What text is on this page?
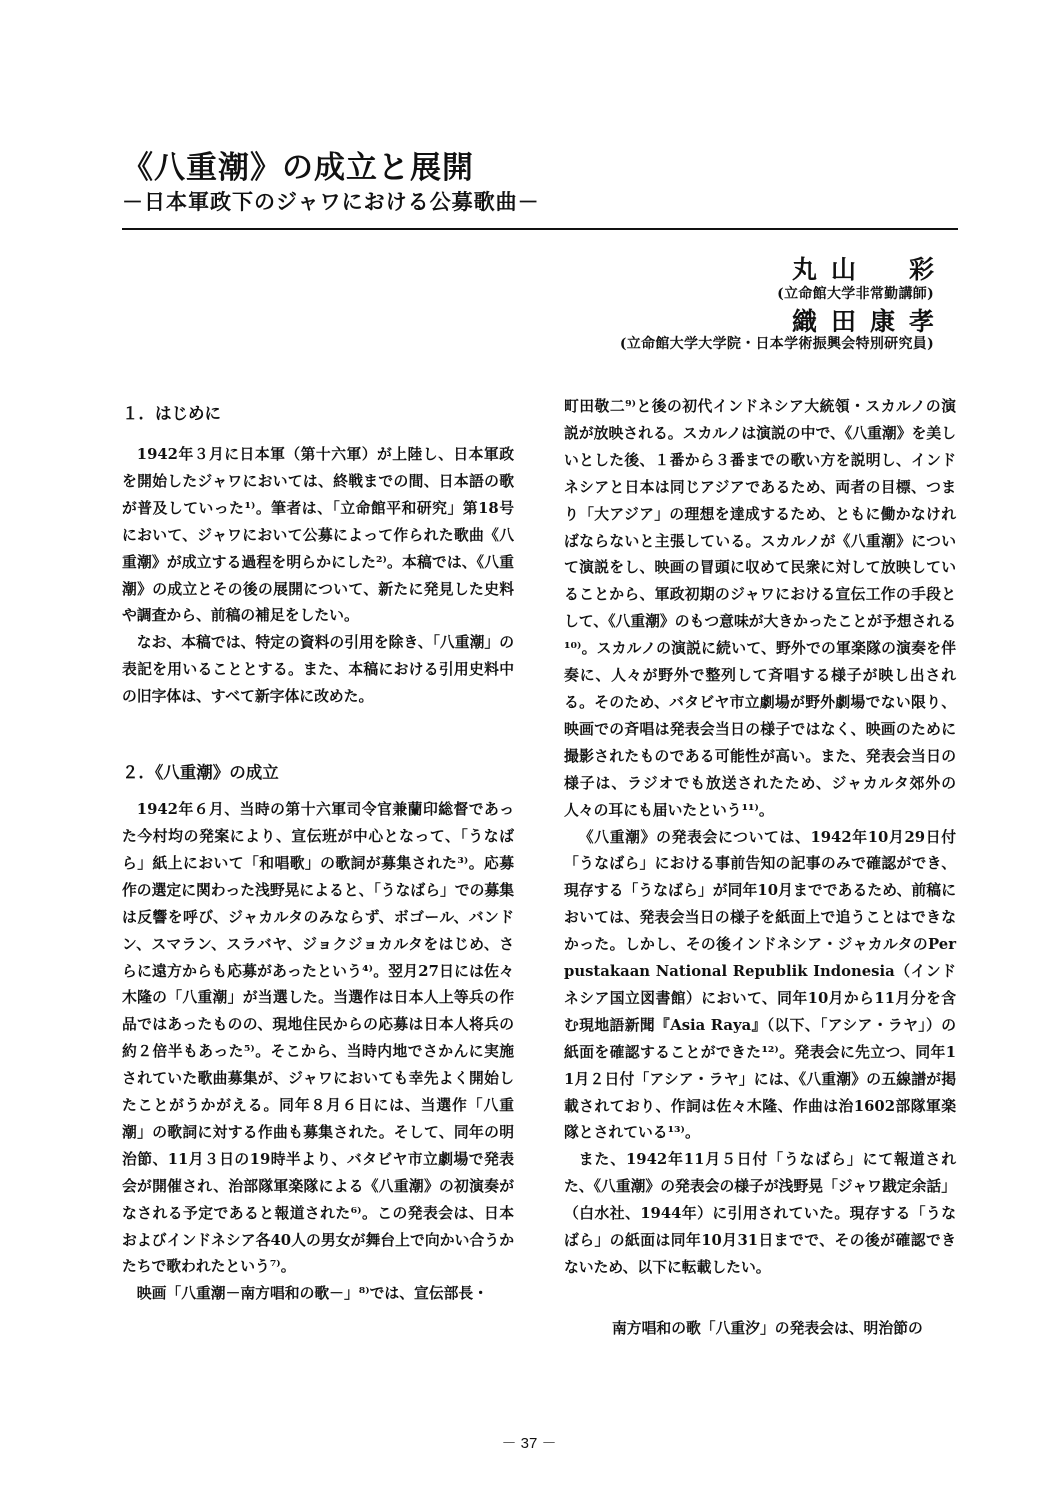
《八重潮》の成立と展開
－日本軍政下のジャワにおける公募歌曲－
丸山　彩
(立命館大学非常勤講師)
織田康孝
(立命館大学大学院・日本学術振興会特別研究員)
１．はじめに

1942年３月に日本軍（第十六軍）が上陸し、日本軍政を開始したジャワにおいては、終戦までの間、日本語の歌が普及していった¹⁾。筆者は、「立命館平和研究」第18号において、ジャワにおいて公募によって作られた歌曲《八重潮》が成立する過程を明らかにした²⁾。本稿では、《八重潮》の成立とその後の展開について、新たに発見した史料や調査から、前稿の補足をしたい。

なお、本稿では、特定の資料の引用を除き、「八重潮」の表記を用いることとする。また、本稿における引用史料中の旧字体は、すべて新字体に改めた。

２．《八重潮》の成立

1942年６月、当時の第十六軍司令官兼蘭印総督であった今村均の発案により、宣伝班が中心となって、「うなばら」紙上において「和唱歌」の歌詞が募集された³⁾。応募作の選定に関わった浅野晃によると、「うなばら」での募集は反響を呼び、ジャカルタのみならず、ボゴール、バンドン、スマラン、スラバヤ、ジョクジョカルタをはじめ、さらに遠方からも応募があったという⁴⁾。翌月27日には佐々木隆の「八重潮」が当選した。当選作は日本人上等兵の作品ではあったものの、現地住民からの応募は日本人将兵の約２倍半もあった⁵⁾。そこから、当時内地でさかんに実施されていた歌曲募集が、ジャワにおいても幸先よく開始したことがうかがえる。同年８月６日には、当選作「八重潮」の歌詞に対する作曲も募集された。そして、同年の明治節、11月３日の19時半より、バタビヤ市立劇場で発表会が開催され、治部隊軍楽隊による《八重潮》の初演奏がなされる予定であると報道された⁶⁾。この発表会は、日本およびインドネシア各40人の男女が舞台上で向かい合うかたちで歌われたという⁷⁾。

映画「八重潮－南方唱和の歌－」⁸⁾では、宣伝部長・

町田敬二⁹⁾と後の初代インドネシア大統領・スカルノの演説が放映される。スカルノは演説の中で、《八重潮》を美しいとした後、１番から３番までの歌い方を説明し、インドネシアと日本は同じアジアであるため、両者の目標、つまり「大アジア」の理想を達成するため、ともに働かなければならないと主張している。スカルノが《八重潮》について演説をし、映画の冒頭に収めて民衆に対して放映していることから、軍政初期のジャワにおける宣伝工作の手段として、《八重潮》のもつ意味が大きかったことが予想される¹⁰⁾。スカルノの演説に続いて、野外での軍楽隊の演奏を伴奏に、人々が野外で整列して斉唱する様子が映し出される。そのため、バタビヤ市立劇場が野外劇場でない限り、映画での斉唱は発表会当日の様子ではなく、映画のために撮影されたものである可能性が高い。また、発表会当日の様子は、ラジオでも放送されたため、ジャカルタ郊外の人々の耳にも届いたという¹¹⁾。

《八重潮》の発表会については、1942年10月29日付「うなばら」における事前告知の記事のみで確認ができ、現存する「うなばら」が同年10月までであるため、前稿においては、発表会当日の様子を紙面上で追うことはできなかった。しかし、その後インドネシア・ジャカルタのPerpustakaan National Republik Indonesia（インドネシア国立図書館）において、同年10月から11月分を含む現地語新聞『Asia Raya』（以下、「アシア・ラヤ」）の紙面を確認することができた¹²⁾。発表会に先立つ、同年11月２日付「アシア・ラヤ」には、《八重潮》の五線譜が掲載されており、作詞は佐々木隆、作曲は治1602部隊軍楽隊とされている¹³⁾。

また、1942年11月５日付「うなばら」にて報道された、《八重潮》の発表会の様子が浅野晃「ジャワ戡定余話」（白水社、1944年）に引用されていた。現存する「うなばら」の紙面は同年10月31日までで、その後が確認できないため、以下に転載したい。

南方唱和の歌「八重汐」の発表会は、明治節の

－ 37 －
